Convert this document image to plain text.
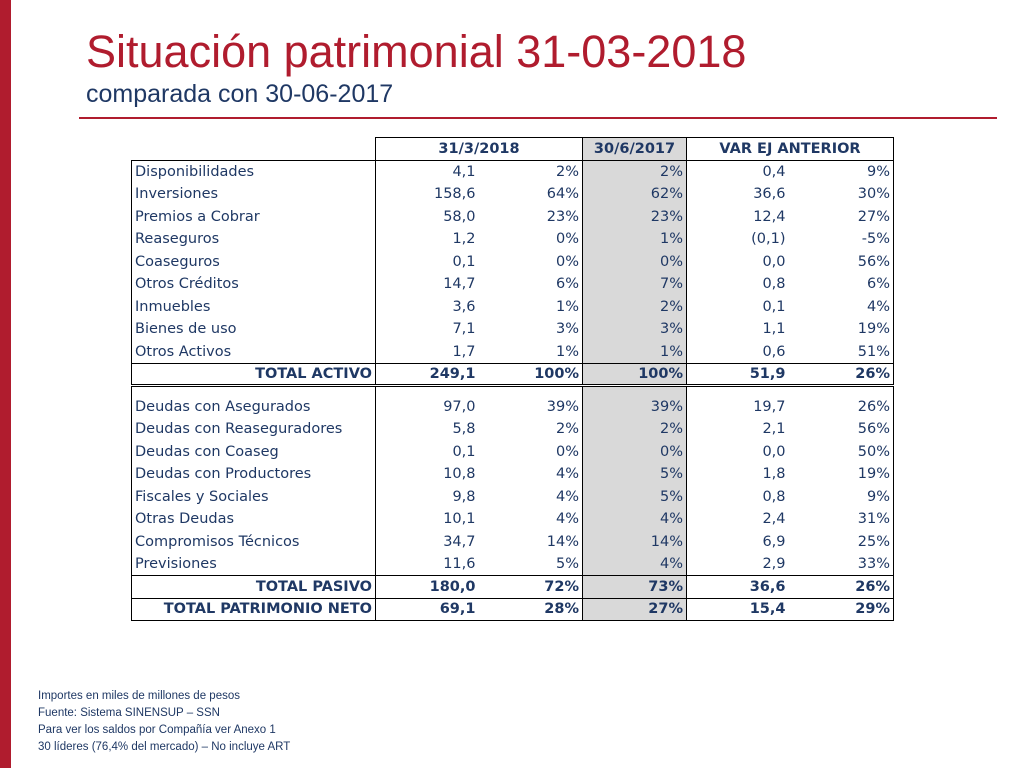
Situación patrimonial 31-03-2018
comparada con 30-06-2017
	31/3/2018		30/6/2017	VAR EJ ANTERIOR	
Disponibilidades	4,1	2%	2%	0,4	9%
Inversiones	158,6	64%	62%	36,6	30%
Premios a Cobrar	58,0	23%	23%	12,4	27%
Reaseguros	1,2	0%	1%	(0,1)	-5%
Coaseguros	0,1	0%	0%	0,0	56%
Otros Créditos	14,7	6%	7%	0,8	6%
Inmuebles	3,6	1%	2%	0,1	4%
Bienes de uso	7,1	3%	3%	1,1	19%
Otros Activos	1,7	1%	1%	0,6	51%
TOTAL ACTIVO	249,1	100%	100%	51,9	26%

Deudas con Asegurados	97,0	39%	39%	19,7	26%
Deudas con Reaseguradores	5,8	2%	2%	2,1	56%
Deudas con Coaseg	0,1	0%	0%	0,0	50%
Deudas con Productores	10,8	4%	5%	1,8	19%
Fiscales y Sociales	9,8	4%	5%	0,8	9%
Otras Deudas	10,1	4%	4%	2,4	31%
Compromisos Técnicos	34,7	14%	14%	6,9	25%
Previsiones	11,6	5%	4%	2,9	33%
TOTAL PASIVO	180,0	72%	73%	36,6	26%
TOTAL PATRIMONIO NETO	69,1	28%	27%	15,4	29%
Importes en miles de millones de pesos
Fuente: Sistema SINENSUP – SSN
Para ver los saldos por Compañía ver Anexo 1
30 líderes (76,4% del mercado) – No incluye ART
